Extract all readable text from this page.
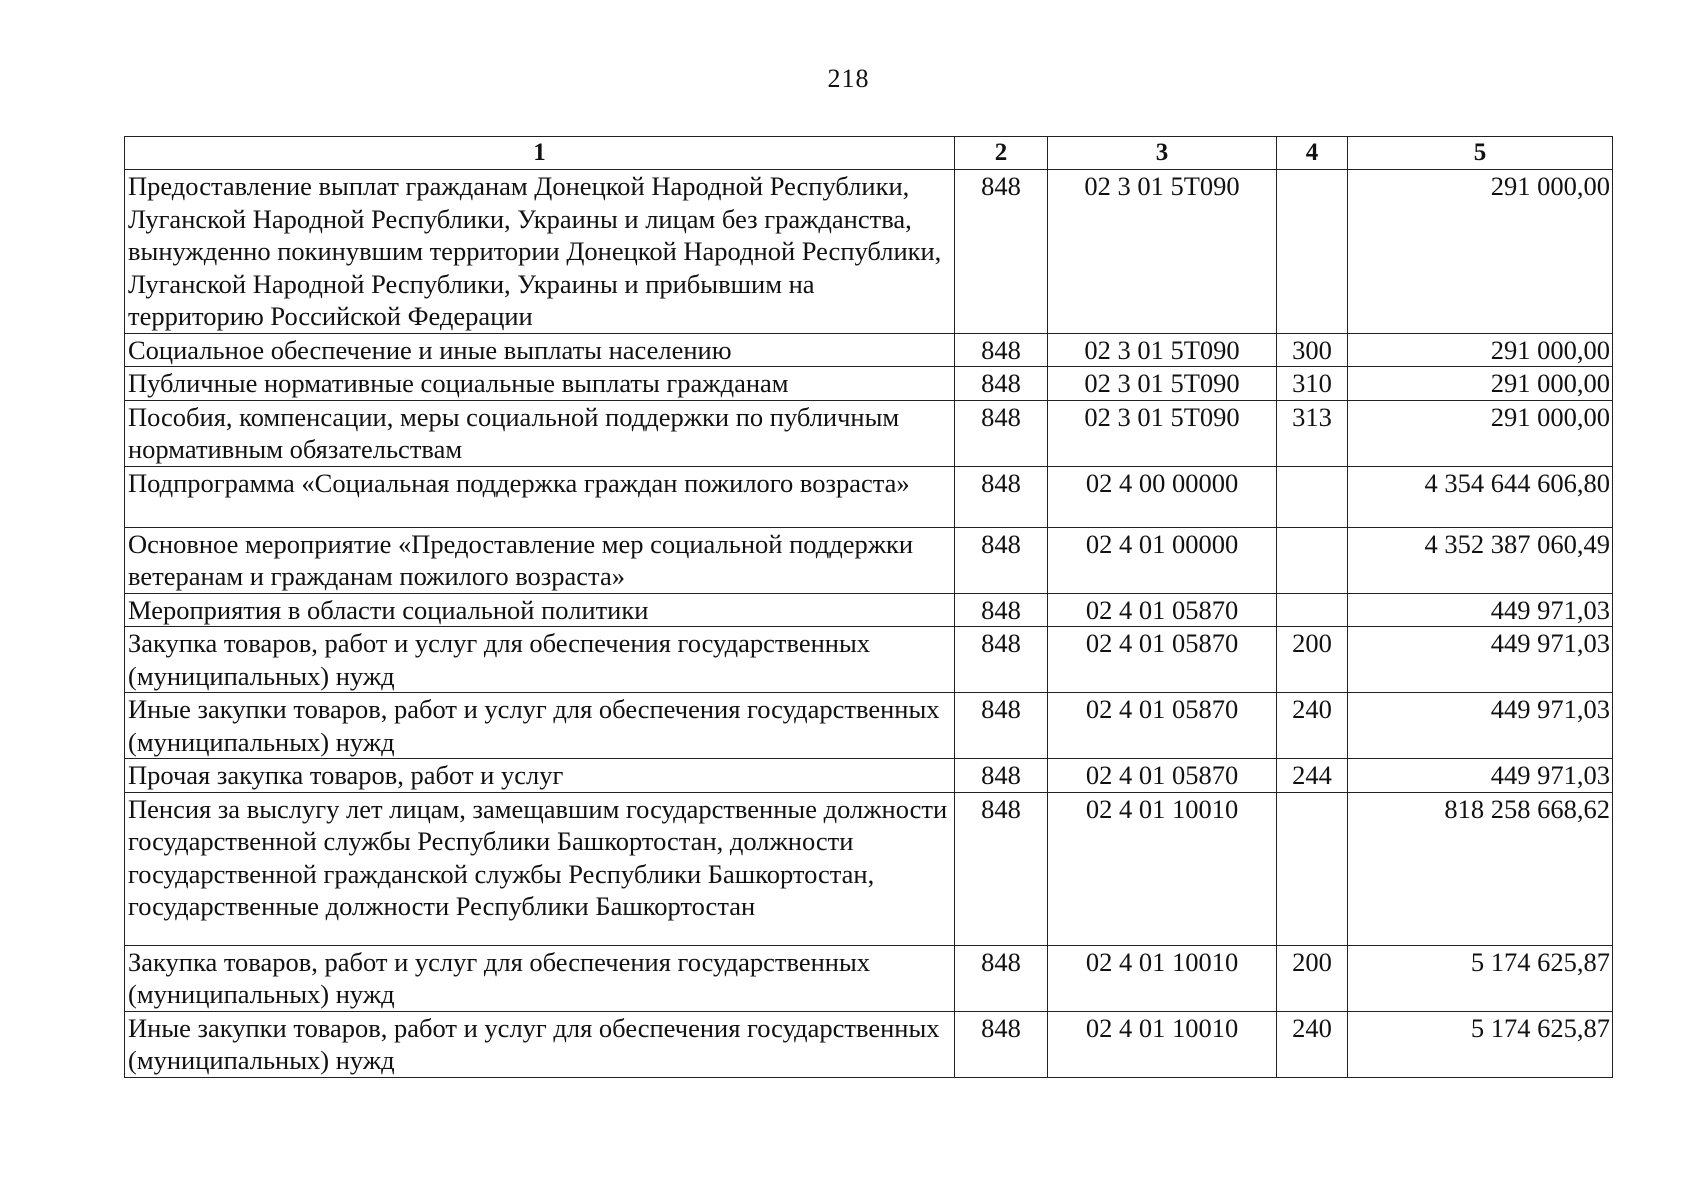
218
1	2	3	4	5
Предоставление выплат гражданам Донецкой Народной Республики, Луганской Народной Республики, Украины и лицам без гражданства, вынужденно покинувшим территории Донецкой Народной Республики, Луганской Народной Республики, Украины и прибывшим на территорию Российской Федерации	848	02 3 01 5Т090		291 000,00
Социальное обеспечение и иные выплаты населению	848	02 3 01 5Т090	300	291 000,00
Публичные нормативные социальные выплаты гражданам	848	02 3 01 5Т090	310	291 000,00
Пособия, компенсации, меры социальной поддержки по публичным нормативным обязательствам	848	02 3 01 5Т090	313	291 000,00
Подпрограмма «Социальная поддержка граждан пожилого возраста»	848	02 4 00 00000		4 354 644 606,80
Основное мероприятие «Предоставление мер социальной поддержки ветеранам и гражданам пожилого возраста»	848	02 4 01 00000		4 352 387 060,49
Мероприятия в области социальной политики	848	02 4 01 05870		449 971,03
Закупка товаров, работ и услуг для обеспечения государственных (муниципальных) нужд	848	02 4 01 05870	200	449 971,03
Иные закупки товаров, работ и услуг для обеспечения государственных (муниципальных) нужд	848	02 4 01 05870	240	449 971,03
Прочая закупка товаров, работ и услуг	848	02 4 01 05870	244	449 971,03
Пенсия за выслугу лет лицам, замещавшим государственные должности государственной службы Республики Башкортостан, должности государственной гражданской службы Республики Башкортостан, государственные должности Республики Башкортостан	848	02 4 01 10010		818 258 668,62
Закупка товаров, работ и услуг для обеспечения государственных (муниципальных) нужд	848	02 4 01 10010	200	5 174 625,87
Иные закупки товаров, работ и услуг для обеспечения государственных (муниципальных) нужд	848	02 4 01 10010	240	5 174 625,87
